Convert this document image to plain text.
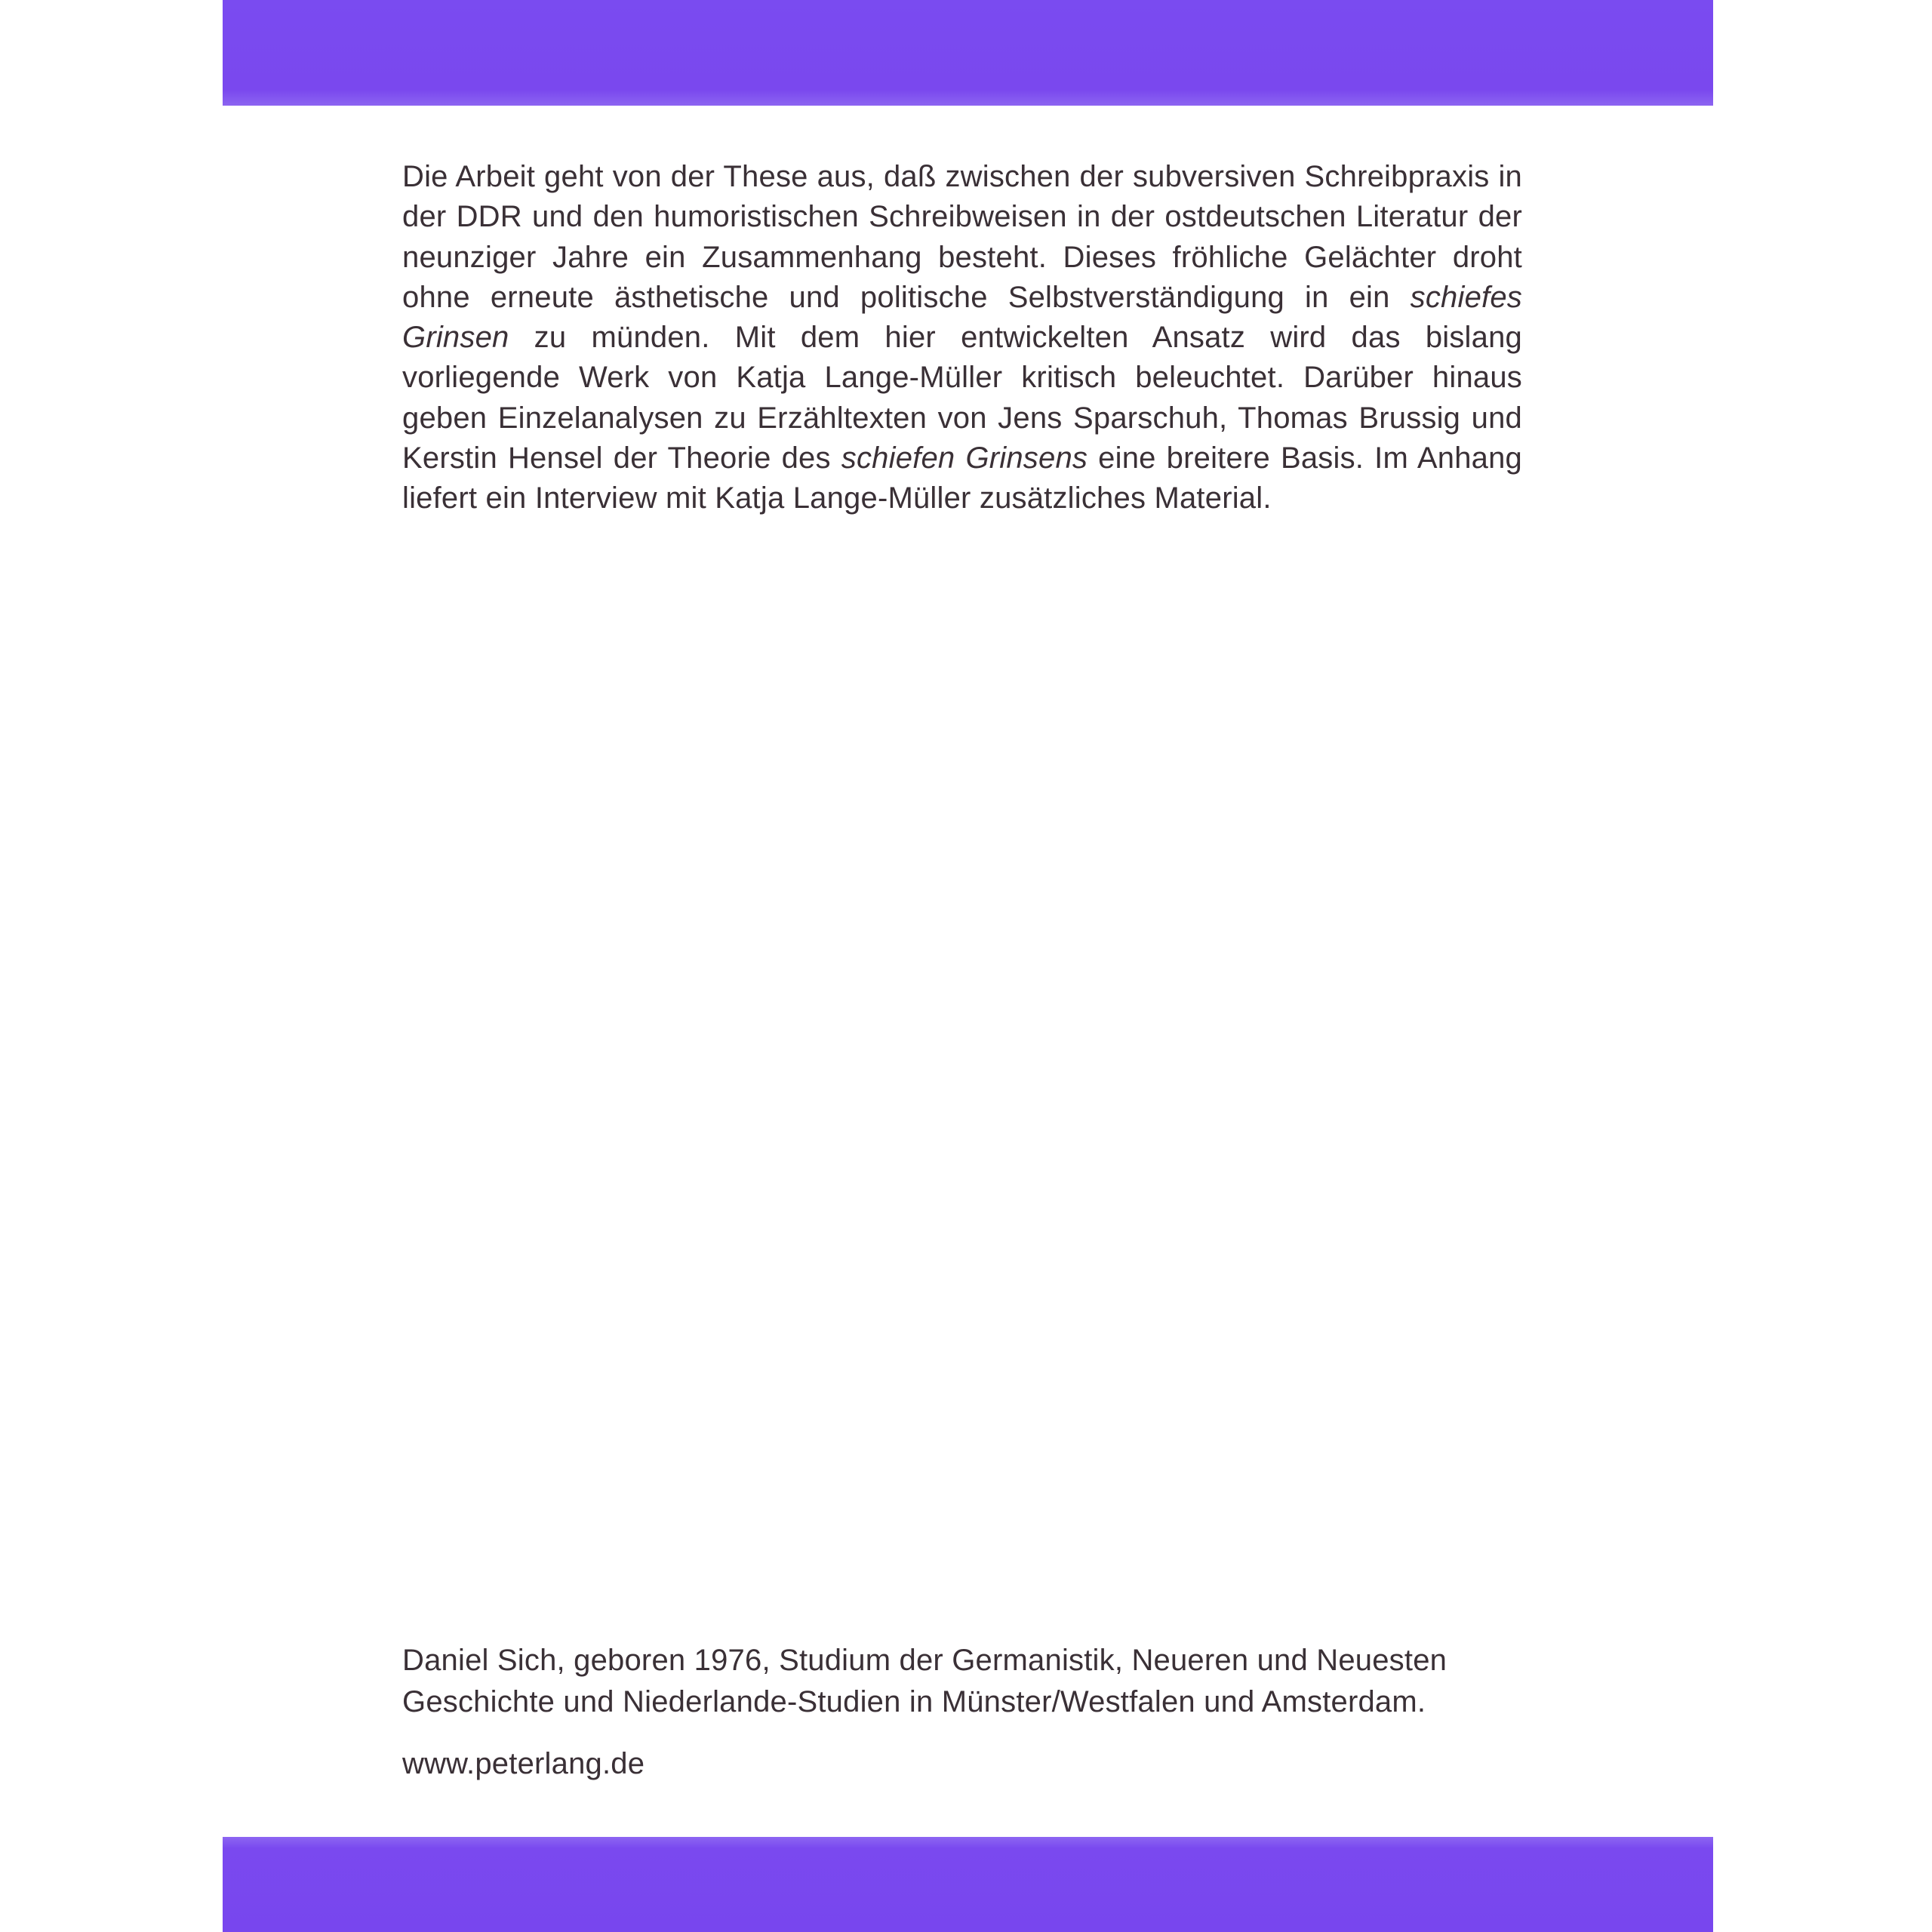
Die Arbeit geht von der These aus, daß zwischen der subversiven Schreibpraxis in der DDR und den humoristischen Schreibweisen in der ostdeutschen Literatur der neunziger Jahre ein Zusammenhang besteht. Dieses fröhliche Gelächter droht ohne erneute ästhetische und politische Selbstverständigung in ein schiefes Grinsen zu münden. Mit dem hier entwickelten Ansatz wird das bislang vorliegende Werk von Katja Lange-Müller kritisch beleuchtet. Darüber hinaus geben Einzelanalysen zu Erzähltexten von Jens Sparschuh, Thomas Brussig und Kerstin Hensel der Theorie des schiefen Grinsens eine breitere Basis. Im Anhang liefert ein Interview mit Katja Lange-Müller zusätzliches Material.

Daniel Sich, geboren 1976, Studium der Germanistik, Neueren und Neuesten
Geschichte und Niederlande-Studien in Münster/Westfalen und Amsterdam.

www.peterlang.de
